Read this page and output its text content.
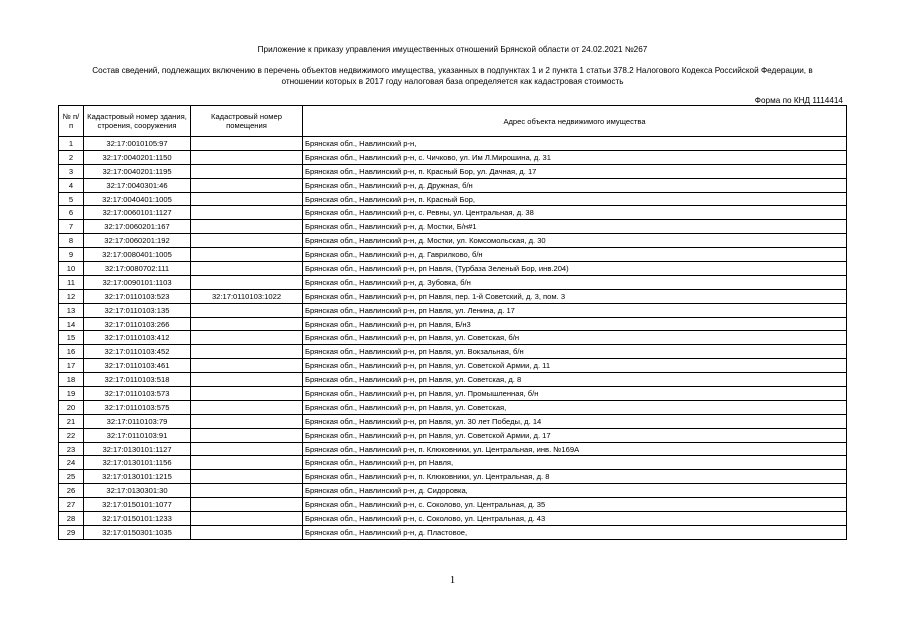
Приложение к приказу управления имущественных отношений Брянской области от 24.02.2021 №267
Состав сведений, подлежащих включению в перечень объектов недвижимого имущества, указанных в подпунктах 1 и 2 пункта 1 статьи 378.2 Налогового Кодекса Российской Федерации, в
отношении которых в 2017 году налоговая база определяется как кадастровая стоимость
Форма по КНД 1114414
№ п/п	Кадастровый номер здания, строения, сооружения	Кадастровый номер помещения	Адрес объекта недвижимого имущества
1	32:17:0010105:97		Брянская обл., Навлинский р-н,
2	32:17:0040201:1150		Брянская обл., Навлинский р-н, с. Чичково, ул. Им Л.Мирошина, д. 31
3	32:17:0040201:1195		Брянская обл., Навлинский р-н, п. Красный Бор, ул. Дачная, д. 17
4	32:17:0040301:46		Брянская обл., Навлинский р-н, д. Дружная, б/н
5	32:17:0040401:1005		Брянская обл., Навлинский р-н, п. Красный Бор,
6	32:17:0060101:1127		Брянская обл., Навлинский р-н, с. Ревны, ул. Центральная, д. 38
7	32:17:0060201:167		Брянская обл., Навлинский р-н, д. Мостки, Б/н#1
8	32:17:0060201:192		Брянская обл., Навлинский р-н, д. Мостки, ул. Комсомольская, д. 30
9	32:17:0080401:1005		Брянская обл., Навлинский р-н, д. Гаврилково, б/н
10	32:17:0080702:111		Брянская обл., Навлинский р-н, рп Навля, (Турбаза Зеленый Бор, инв.204)
11	32:17:0090101:1103		Брянская обл., Навлинский р-н, д. Зубовка, б/н
12	32:17:0110103:523	32:17:0110103:1022	Брянская обл., Навлинский р-н, рп Навля, пер. 1-й Советский, д. 3, пом. 3
13	32:17:0110103:135		Брянская обл., Навлинский р-н, рп Навля, ул. Ленина, д. 17
14	32:17:0110103:266		Брянская обл., Навлинский р-н, рп Навля, Б/н3
15	32:17:0110103:412		Брянская обл., Навлинский р-н, рп Навля, ул. Советская, б/н
16	32:17:0110103:452		Брянская обл., Навлинский р-н, рп Навля, ул. Вокзальная, б/н
17	32:17:0110103:461		Брянская обл., Навлинский р-н, рп Навля, ул. Советской Армии, д. 11
18	32:17:0110103:518		Брянская обл., Навлинский р-н, рп Навля, ул. Советская, д. 8
19	32:17:0110103:573		Брянская обл., Навлинский р-н, рп Навля, ул. Промышленная, б/н
20	32:17:0110103:575		Брянская обл., Навлинский р-н, рп Навля, ул. Советская,
21	32:17:0110103:79		Брянская обл., Навлинский р-н, рп Навля, ул. 30 лет Победы, д. 14
22	32:17:0110103:91		Брянская обл., Навлинский р-н, рп Навля, ул. Советской Армии, д. 17
23	32:17:0130101:1127		Брянская обл., Навлинский р-н, п. Клюковники, ул. Центральная, инв. №169А
24	32:17:0130101:1156		Брянская обл., Навлинский р-н, рп Навля,
25	32:17:0130101:1215		Брянская обл., Навлинский р-н, п. Клюковники, ул. Центральная, д. 8
26	32:17:0130301:30		Брянская обл., Навлинский р-н, д. Сидоровка,
27	32:17:0150101:1077		Брянская обл., Навлинский р-н, с. Соколово, ул. Центральная, д. 35
28	32:17:0150101:1233		Брянская обл., Навлинский р-н, с. Соколово, ул. Центральная, д. 43
29	32:17:0150301:1035		Брянская обл., Навлинский р-н, д. Пластовое,
1
